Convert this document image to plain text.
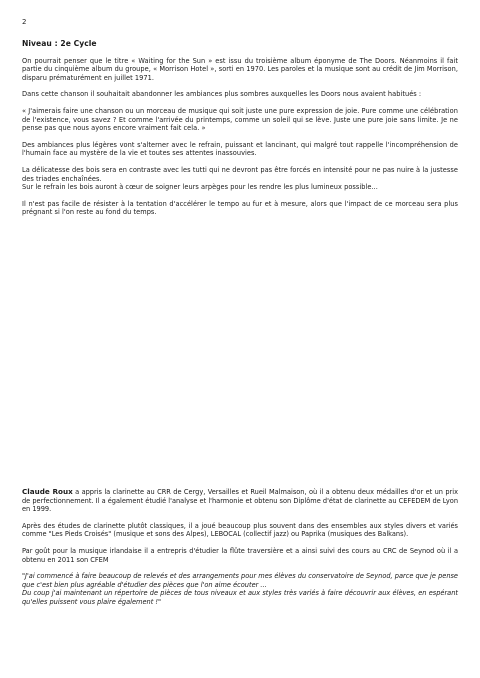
2
Niveau : 2e Cycle

On pourrait penser que le titre « Waiting for the Sun » est issu du troisième album éponyme de The Doors. Néanmoins il fait partie du cinquième album du groupe, « Morrison Hotel », sorti en 1970. Les paroles et la musique sont au crédit de Jim Morrison, disparu prématurément en juillet 1971.

Dans cette chanson il souhaitait abandonner les ambiances plus sombres auxquelles les Doors nous avaient habitués :

« J'aimerais faire une chanson ou un morceau de musique qui soit juste une pure expression de joie. Pure comme une célébration de l'existence, vous savez ? Et comme l'arrivée du printemps, comme un soleil qui se lève. Juste une pure joie sans limite. Je ne pense pas que nous ayons encore vraiment fait cela. »

Des ambiances plus légères vont s'alterner avec le refrain, puissant et lancinant, qui malgré tout rappelle l'incompréhension de l'humain face au mystère de la vie et toutes ses attentes inassouvies.

La délicatesse des bois sera en contraste avec les tutti qui ne devront pas être forcés en intensité pour ne pas nuire à la justesse des triades enchaînées.

Sur le refrain les bois auront à cœur de soigner leurs arpèges pour les rendre les plus lumineux possible...

Il n'est pas facile de résister à la tentation d'accélérer le tempo au fur et à mesure, alors que l'impact de ce morceau sera plus prégnant si l'on reste au fond du temps.

Claude Roux a appris la clarinette au CRR de Cergy, Versailles et Rueil Malmaison, où il a obtenu deux médailles d'or et un prix de perfectionnement. Il a également étudié l'analyse et l'harmonie et obtenu son Diplôme d'état de clarinette au CEFEDEM de Lyon en 1999.

Après des études de clarinette plutôt classiques, il a joué beaucoup plus souvent dans des ensembles aux styles divers et variés comme "Les Pieds Croisés" (musique et sons des Alpes), LEBOCAL (collectif jazz) ou Paprika (musiques des Balkans).

Par goût pour la musique irlandaise il a entrepris d'étudier la flûte traversière et a ainsi suivi des cours au CRC de Seynod où il a obtenu en 2011 son CFEM

"J'ai commencé à faire beaucoup de relevés et des arrangements pour mes élèves du conservatoire de Seynod, parce que je pense que c'est bien plus agréable d'étudier des pièces que l'on aime écouter ...

Du coup j'ai maintenant un répertoire de pièces de tous niveaux et aux styles très variés à faire découvrir aux élèves, en espérant qu'elles puissent vous plaire également !"
